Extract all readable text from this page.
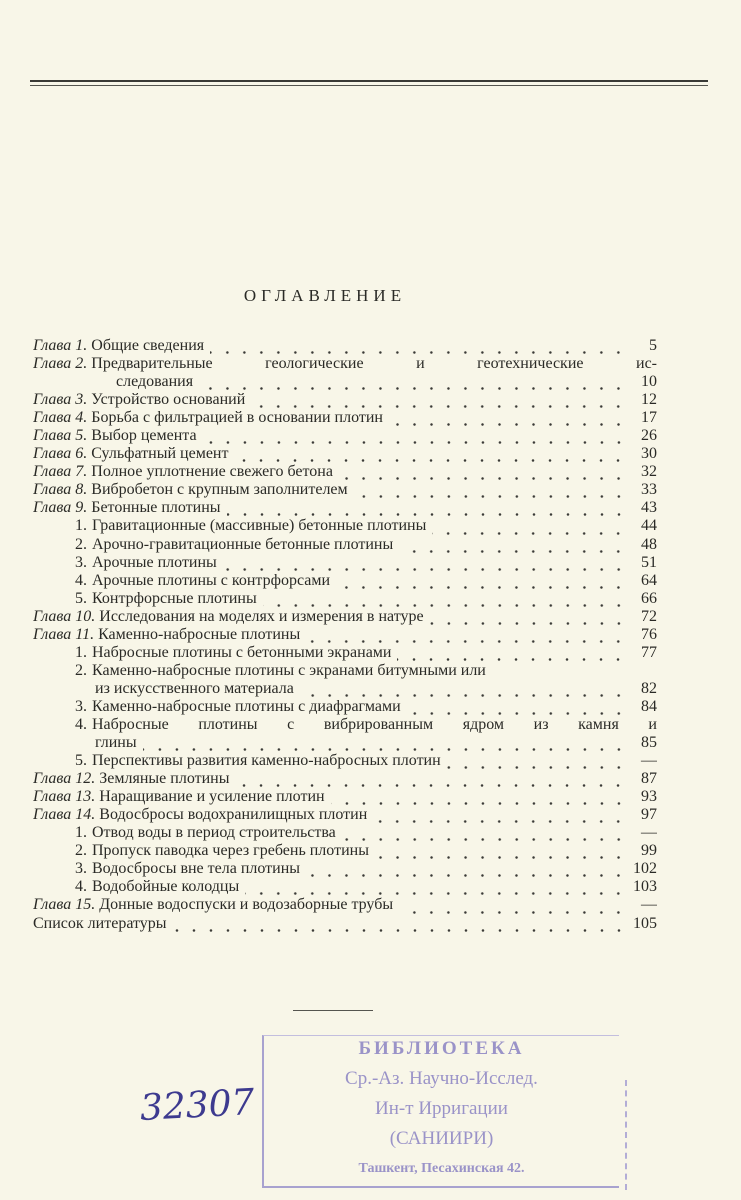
ОГЛАВЛЕНИЕ
Глава 1. Общие сведения	5
Глава 2. Предварительные геологические и геотехнические ис-
следования	10
Глава 3. Устройство оснований	12
Глава 4. Борьба с фильтрацией в основании плотин	17
Глава 5. Выбор цемента	26
Глава 6. Сульфатный цемент	30
Глава 7. Полное уплотнение свежего бетона	32
Глава 8. Вибробетон с крупным заполнителем	33
Глава 9. Бетонные плотины	43
1. Гравитационные (массивные) бетонные плотины	44
2. Арочно-гравитационные бетонные плотины	48
3. Арочные плотины	51
4. Арочные плотины с контрфорсами	64
5. Контрфорсные плотины	66
Глава 10. Исследования на моделях и измерения в натуре	72
Глава 11. Каменно-набросные плотины	76
1. Набросные плотины с бетонными экранами	77
2. Каменно-набросные плотины с экранами битумными или
из искусственного материала	82
3. Каменно-набросные плотины с диафрагмами	84
4. Набросные плотины с вибрированным ядром из камня и
глины	85
5. Перспективы развития каменно-набросных плотин	—
Глава 12. Земляные плотины	87
Глава 13. Наращивание и усиление плотин	93
Глава 14. Водосбросы водохранилищных плотин	97
1. Отвод воды в период строительства	—
2. Пропуск паводка через гребень плотины	99
3. Водосбросы вне тела плотины	102
4. Водобойные колодцы	103
Глава 15. Донные водоспуски и водозаборные трубы	—
Список литературы	105
БИБЛИОТЕКА
Ср.-Аз. Научно-Исслед.
Ин-т Ирригации
(САНИИРИ)
Ташкент, Песахинская 42.
32307
